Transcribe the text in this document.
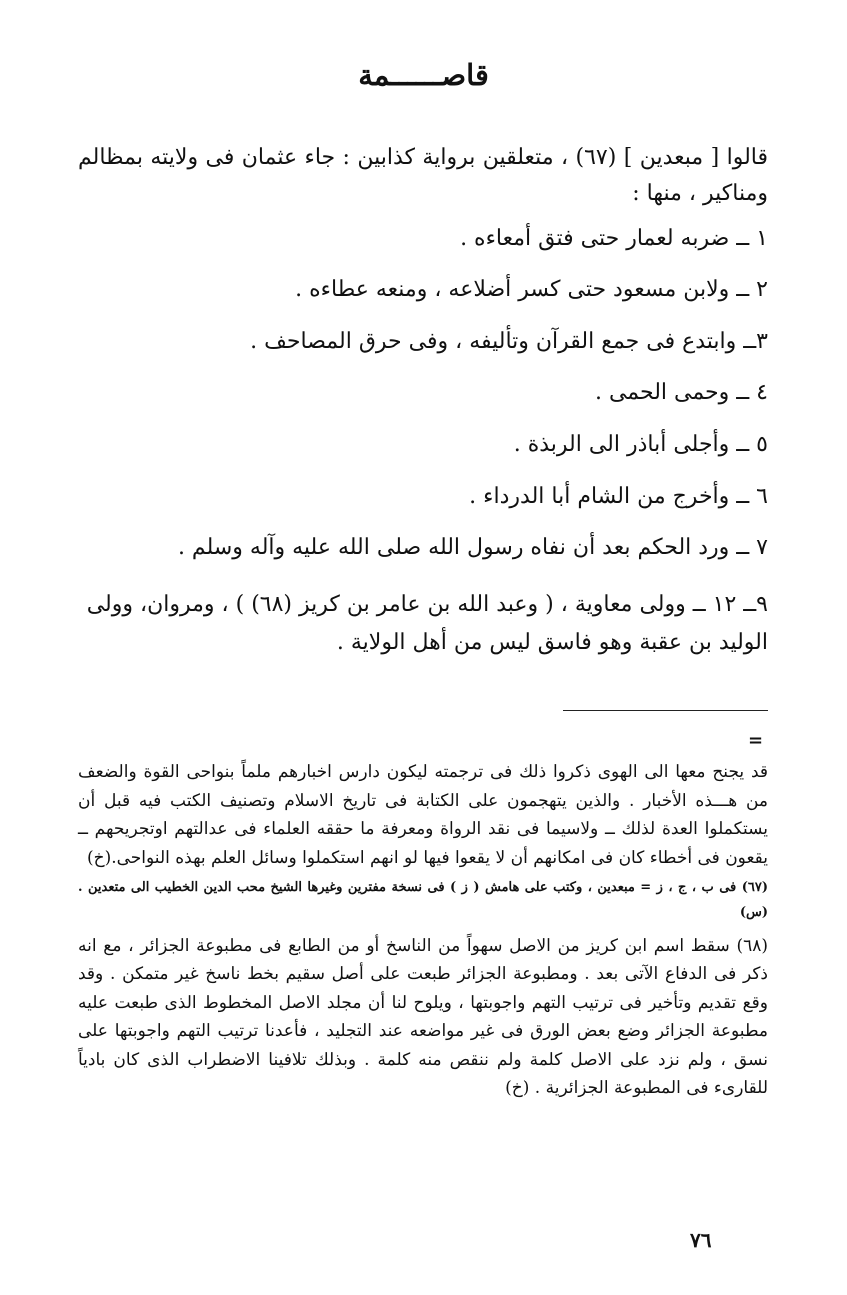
قاصــــــمة

قالوا [ مبعدين ] (٦٧) ، متعلقين برواية كذابين : جاء عثمان فى ولايته بمظالم ومناكير ، منها :

١ ــ ضربه لعمار حتى فتق أمعاءه .

٢ ــ ولابن مسعود حتى كسر أضلاعه ، ومنعه عطاءه .

٣ــ وابتدع فى جمع القرآن وتأليفه ، وفى حرق المصاحف .

٤ ــ وحمى الحمى .

٥ ــ وأجلى أباذر الى الربذة .

٦ ــ وأخرج من الشام أبا الدرداء .

٧ ــ ورد الحكم بعد أن نفاه رسول الله صلى الله عليه وآله وسلم .

٩ــ ١٢ ــ وولى معاوية ، ( وعبد الله بن عامر بن كريز (٦٨) ) ، ومروان، وولى الوليد بن عقبة وهو فاسق ليس من أهل الولاية .

=

قد يجنح معها الى الهوى ذكروا ذلك فى ترجمته ليكون دارس اخبارهم ملماً بنواحى القوة والضعف من هـــذه الأخبار . والذين يتهجمون على الكتابة فى تاريخ الاسلام وتصنيف الكتب فيه قبل أن يستكملوا العدة لذلك ــ ولاسيما فى نقد الرواة ومعرفة ما حققه العلماء فى عدالتهم اوتجريحهم ــ يقعون فى أخطاء كان فى امكانهم أن لا يقعوا فيها لو انهم استكملوا وسائل العلم بهذه النواحى.(خ)

(٦٧) فى ب ، ج ، ز = مبعدين ، وكتب على هامش ( ز ) فى نسخة مفترين وغيرها الشيخ محب الدين الخطيب الى متعدين . (س)

(٦٨) سقط اسم ابن كريز من الاصل سهواً من الناسخ أو من الطابع فى مطبوعة الجزائر ، مع انه ذكر فى الدفاع الآتى بعد . ومطبوعة الجزائر طبعت على أصل سقيم بخط ناسخ غير متمكن . وقد وقع تقديم وتأخير فى ترتيب التهم واجوبتها ، ويلوح لنا أن مجلد الاصل المخطوط الذى طبعت عليه مطبوعة الجزائر وضع بعض الورق فى غير مواضعه عند التجليد ، فأعدنا ترتيب التهم واجوبتها على نسق ، ولم نزد على الاصل كلمة ولم ننقص منه كلمة . وبذلك تلافينا الاضطراب الذى كان بادياً للقارىء فى المطبوعة الجزائرية . (خ)

٧٦
